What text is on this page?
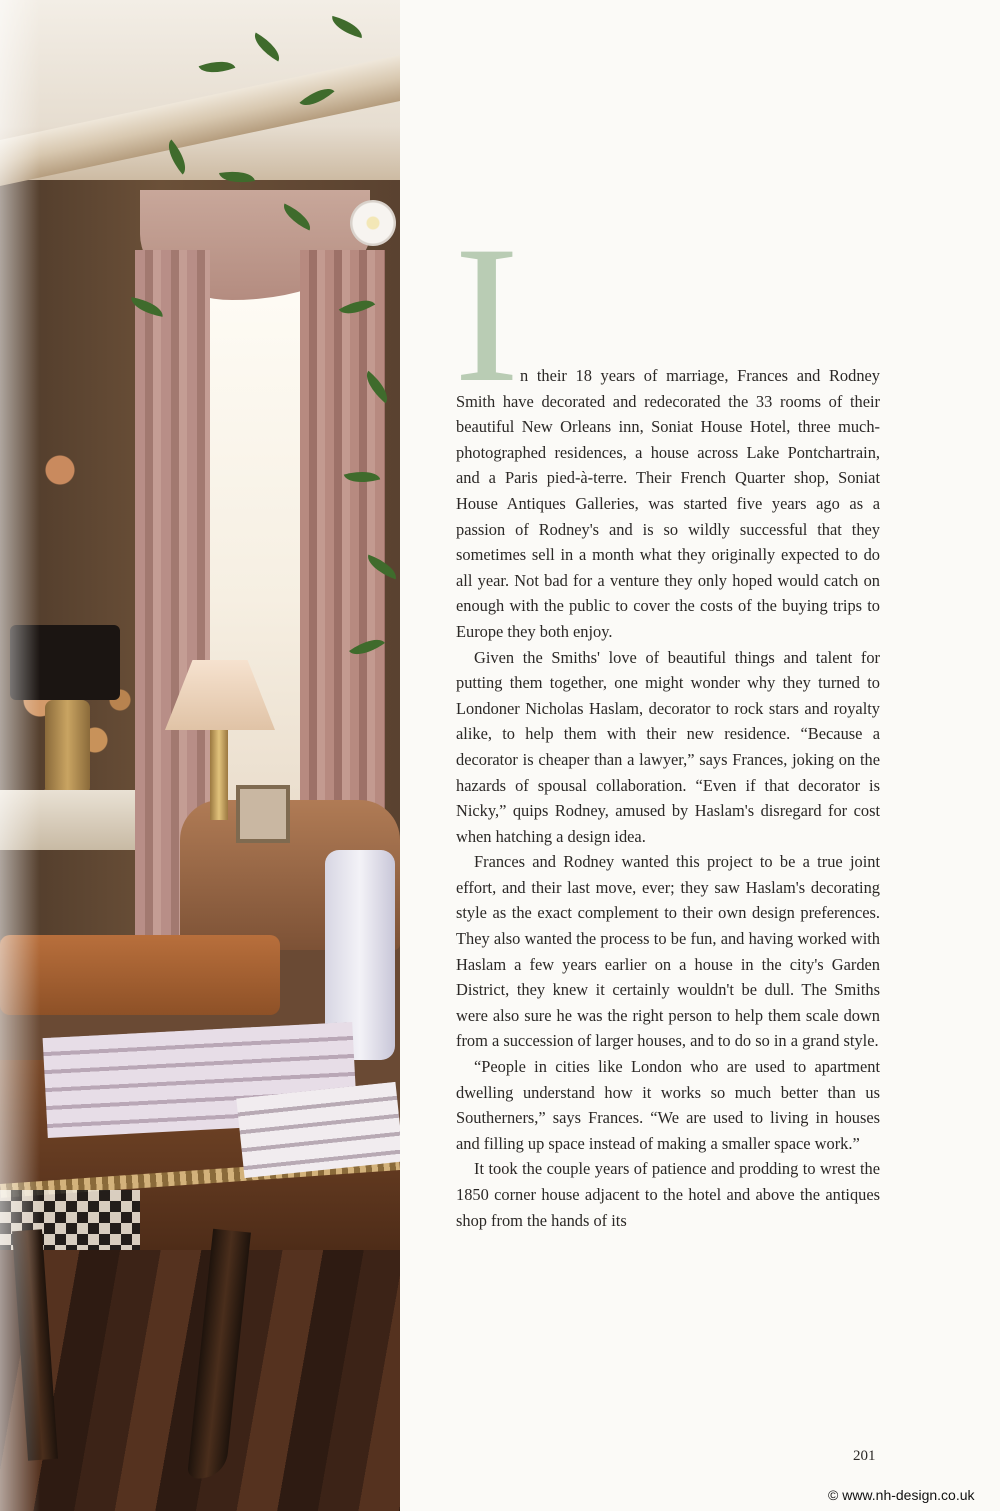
In their 18 years of marriage, Frances and Rodney Smith have decorated and redecorated the 33 rooms of their beautiful New Orleans inn, Soniat House Hotel, three much-photographed residences, a house across Lake Pontchartrain, and a Paris pied-à-terre. Their French Quarter shop, Soniat House Antiques Galleries, was started five years ago as a passion of Rodney's and is so wildly successful that they sometimes sell in a month what they originally expected to do all year. Not bad for a venture they only hoped would catch on enough with the public to cover the costs of the buying trips to Europe they both enjoy.

Given the Smiths' love of beautiful things and talent for putting them together, one might wonder why they turned to Londoner Nicholas Haslam, decorator to rock stars and royalty alike, to help them with their new residence. “Because a decorator is cheaper than a lawyer,” says Frances, joking on the hazards of spousal collaboration. “Even if that decorator is Nicky,” quips Rodney, amused by Haslam's disregard for cost when hatching a design idea.

Frances and Rodney wanted this project to be a true joint effort, and their last move, ever; they saw Haslam's decorating style as the exact complement to their own design preferences. They also wanted the process to be fun, and having worked with Haslam a few years earlier on a house in the city's Garden District, they knew it certainly wouldn't be dull. The Smiths were also sure he was the right person to help them scale down from a succession of larger houses, and to do so in a grand style.

“People in cities like London who are used to apartment dwelling understand how it works so much better than us Southerners,” says Frances. “We are used to living in houses and filling up space instead of making a smaller space work.”

It took the couple years of patience and prodding to wrest the 1850 corner house adjacent to the hotel and above the antiques shop from the hands of its

201
© www.nh-design.co.uk
